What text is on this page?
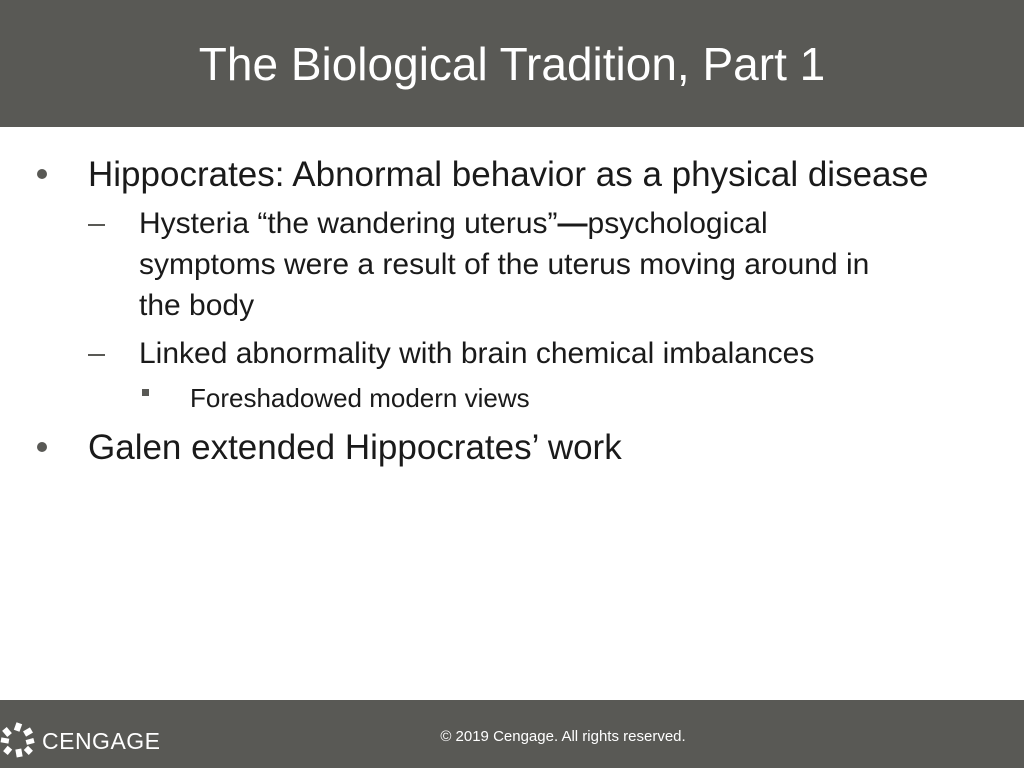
The Biological Tradition, Part 1
Hippocrates: Abnormal behavior as a physical disease
Hysteria “the wandering uterus”—psychological
symptoms were a result of the uterus moving around in
the body
Linked abnormality with brain chemical imbalances
Foreshadowed modern views
Galen extended Hippocrates’ work
CENGAGE	© 2019 Cengage. All rights reserved.
